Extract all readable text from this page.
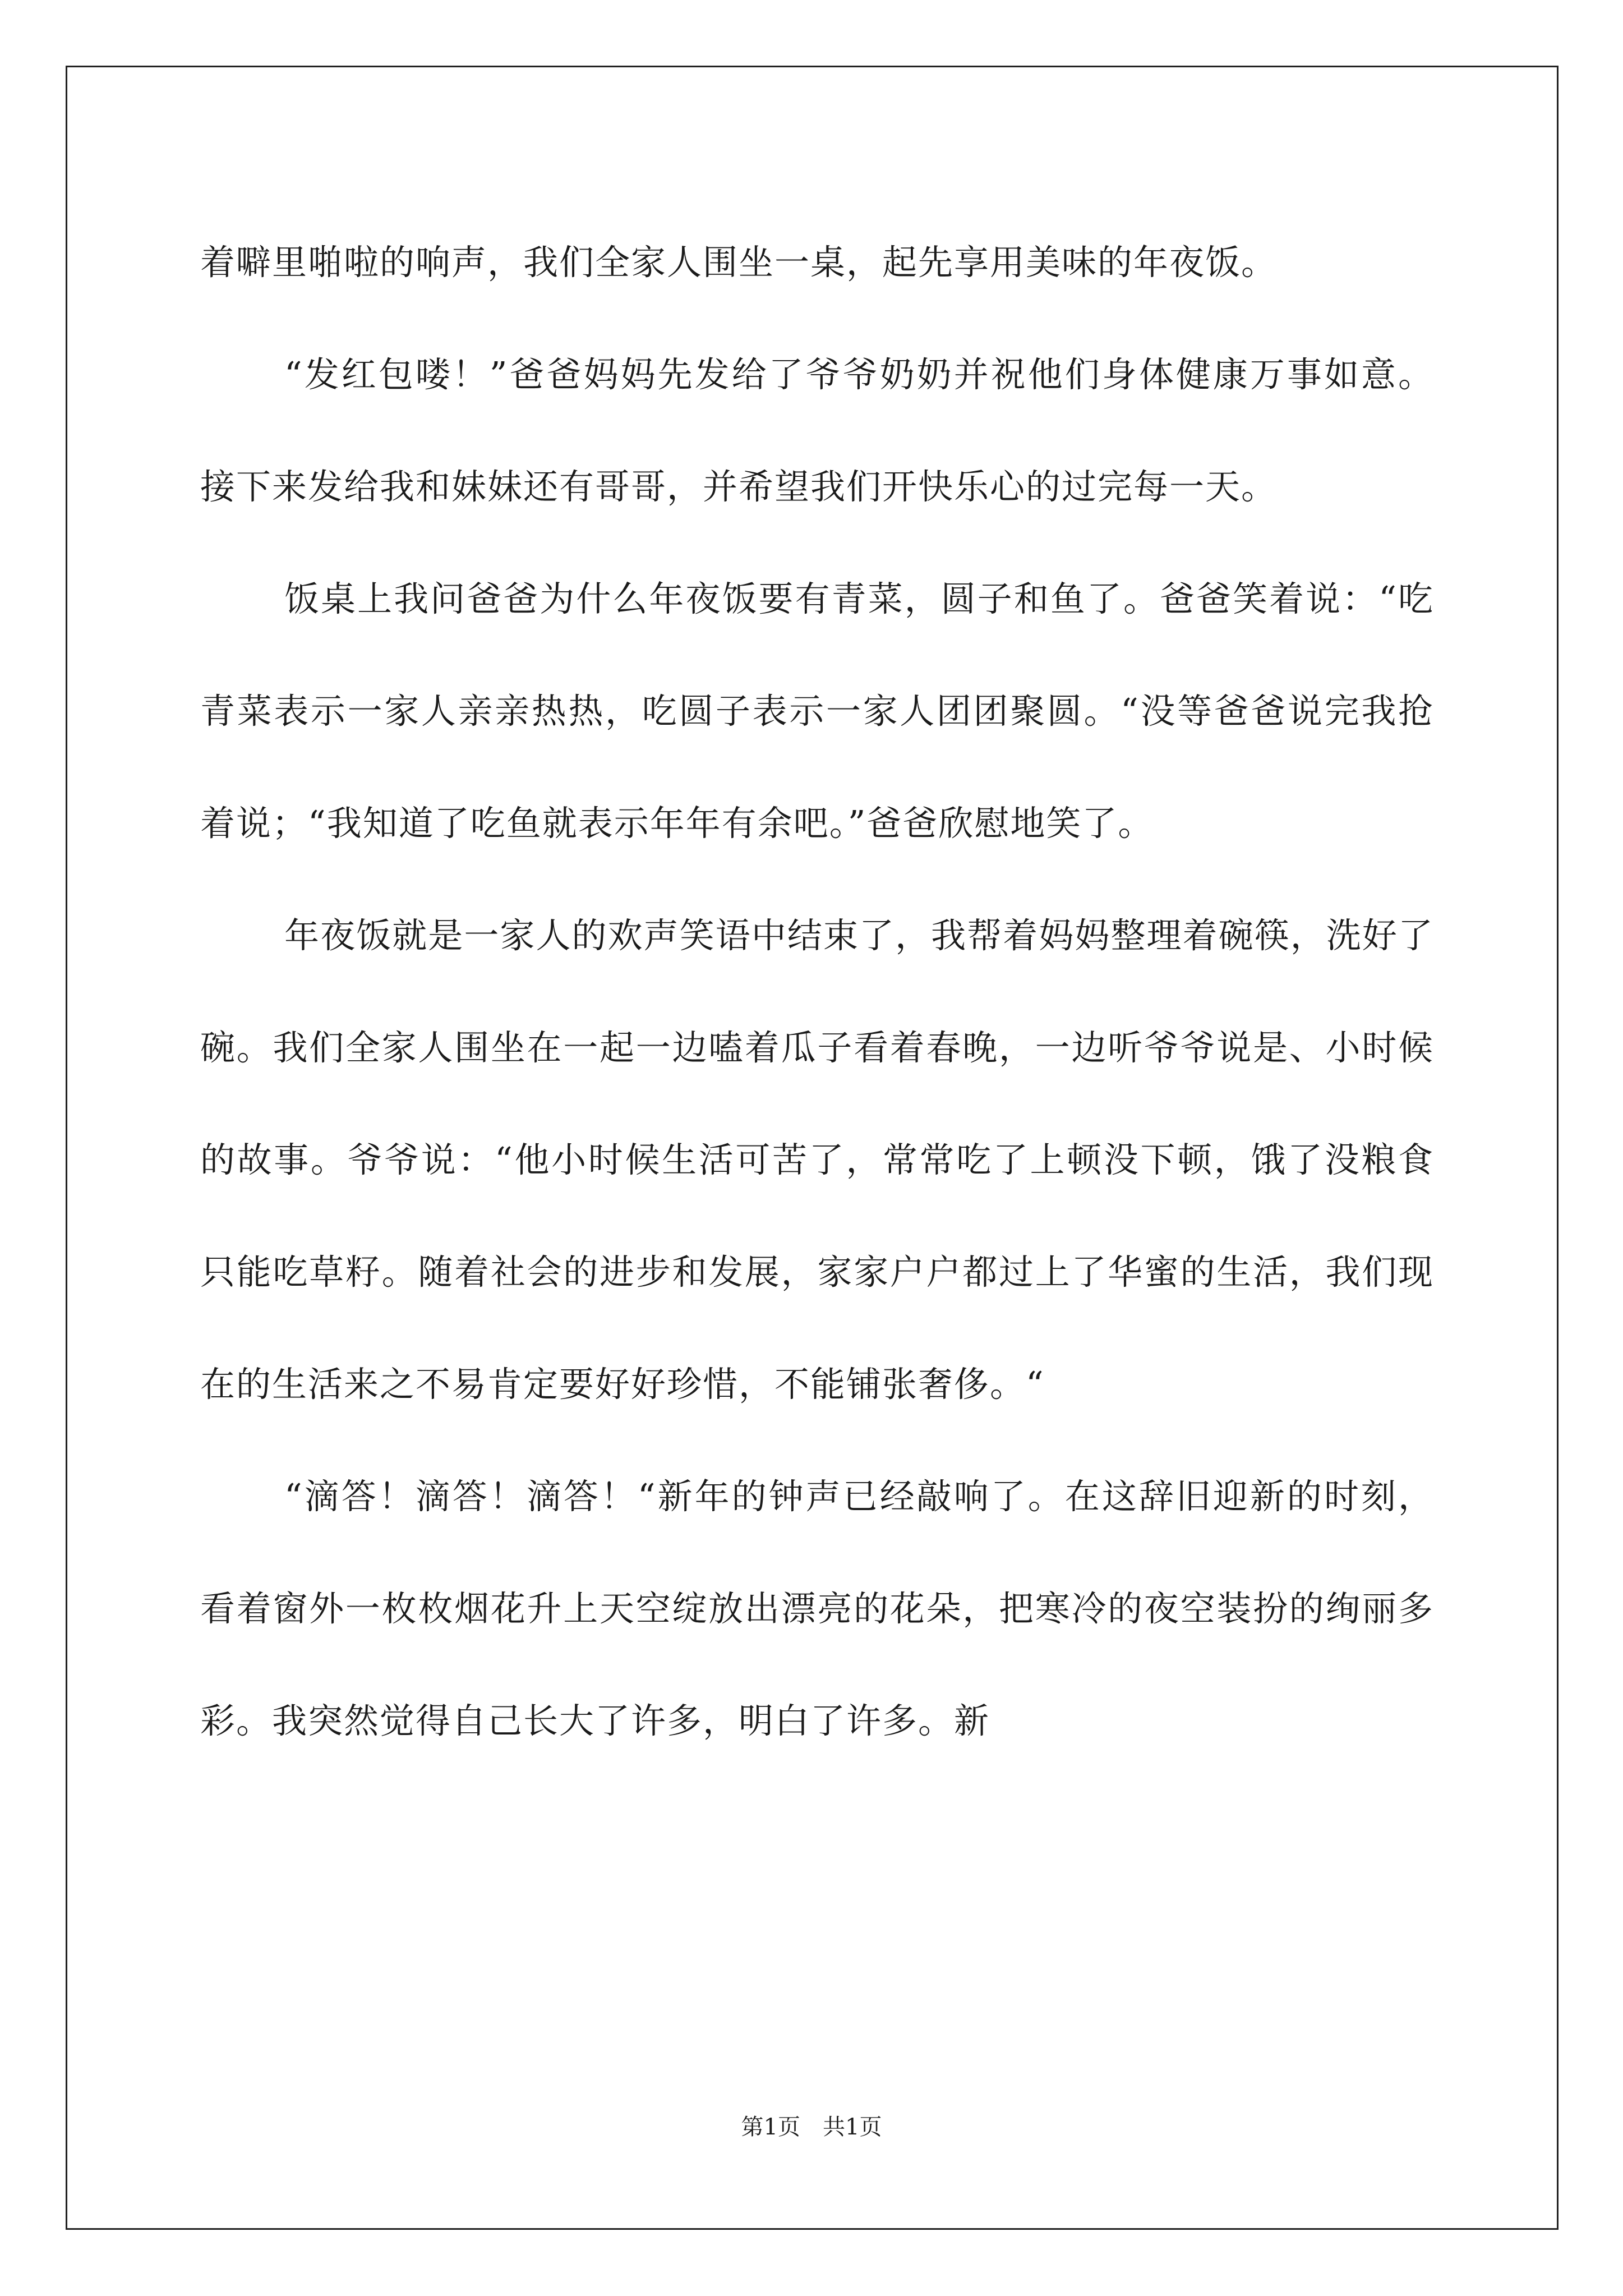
着噼里啪啦的响声，我们全家人围坐一桌，起先享用美味的年夜饭。

“发红包喽！”爸爸妈妈先发给了爷爷奶奶并祝他们身体健康万事如意。接下来发给我和妹妹还有哥哥，并希望我们开快乐心的过完每一天。

饭桌上我问爸爸为什么年夜饭要有青菜，圆子和鱼了。爸爸笑着说：“吃青菜表示一家人亲亲热热，吃圆子表示一家人团团聚圆。“没等爸爸说完我抢着说；“我知道了吃鱼就表示年年有余吧。”爸爸欣慰地笑了。

年夜饭就是一家人的欢声笑语中结束了，我帮着妈妈整理着碗筷，洗好了碗。我们全家人围坐在一起一边嗑着瓜子看着春晚，一边听爷爷说是、小时候的故事。爷爷说：“他小时候生活可苦了，常常吃了上顿没下顿，饿了没粮食只能吃草籽。随着社会的进步和发展，家家户户都过上了华蜜的生活，我们现在的生活来之不易肯定要好好珍惜，不能铺张奢侈。“

“滴答！滴答！滴答！“新年的钟声已经敲响了。在这辞旧迎新的时刻，看着窗外一枚枚烟花升上天空绽放出漂亮的花朵，把寒冷的夜空装扮的绚丽多彩。我突然觉得自己长大了许多，明白了许多。新

第1页　共1页
